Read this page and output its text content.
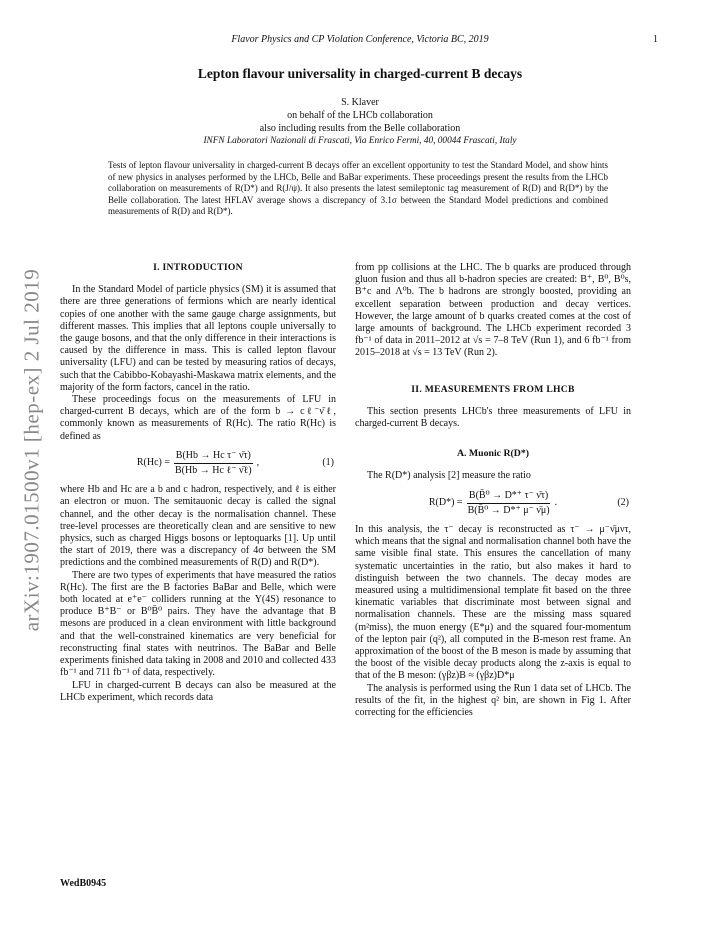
Flavor Physics and CP Violation Conference, Victoria BC, 2019	1
arXiv:1907.01500v1 [hep-ex] 2 Jul 2019
Lepton flavour universality in charged-current B decays
S. Klaver
on behalf of the LHCb collaboration
also including results from the Belle collaboration
INFN Laboratori Nazionali di Frascati, Via Enrico Fermi, 40, 00044 Frascati, Italy
Tests of lepton flavour universality in charged-current B decays offer an excellent opportunity to test the Standard Model, and show hints of new physics in analyses performed by the LHCb, Belle and BaBar experiments. These proceedings present the results from the LHCb collaboration on measurements of R(D*) and R(J/ψ). It also presents the latest semileptonic tag measurement of R(D) and R(D*) by the Belle collaboration. The latest HFLAV average shows a discrepancy of 3.1σ between the Standard Model predictions and combined measurements of R(D) and R(D*).
I. INTRODUCTION

In the Standard Model of particle physics (SM) it is assumed that there are three generations of fermions which are nearly identical copies of one another with the same gauge charge assignments, but different masses. This implies that all leptons couple universally to the gauge bosons, and that the only difference in their interactions is caused by the difference in mass. This is called lepton flavour universality (LFU) and can be tested by measuring ratios of decays, such that the Cabibbo-Kobayashi-Maskawa matrix elements, and the majority of the form factors, cancel in the ratio.

These proceedings focus on the measurements of LFU in charged-current B decays, which are of the form b → cℓ⁻ν̄ℓ, commonly known as measurements of R(Hc). The ratio R(Hc) is defined as

$R(Hc) = \frac{\text{B(Hb → Hc τ⁻ ν̄τ)}}{\text{B(Hb → Hc ℓ⁻ ν̄ℓ)}}$ ,	(1)

where Hb and Hc are a b and c hadron, respectively, and ℓ is either an electron or muon. The semitauonic decay is called the signal channel, and the other decay is the normalisation channel. These tree-level processes are theoretically clean and are sensitive to new physics, such as charged Higgs bosons or leptoquarks [1]. Up until the start of 2019, there was a discrepancy of 4σ between the SM predictions and the combined measurements of R(D) and R(D*).

There are two types of experiments that have measured the ratios R(Hc). The first are the B factories BaBar and Belle, which were both located at e⁺e⁻ colliders running at the Υ(4S) resonance to produce B⁺B⁻ or B⁰B̄⁰ pairs. They have the advantage that B mesons are produced in a clean environment with little background and that the well-constrained kinematics are very beneficial for reconstructing final states with neutrinos. The BaBar and Belle experiments finished data taking in 2008 and 2010 and collected 433 fb⁻¹ and 711 fb⁻¹ of data, respectively.

LFU in charged-current B decays can also be measured at the LHCb experiment, which records data

from pp collisions at the LHC. The b quarks are produced through gluon fusion and thus all b-hadron species are created: B⁺, B⁰, B⁰s, B⁺c and Λ⁰b. The b hadrons are strongly boosted, providing an excellent separation between production and decay vertices. However, the large amount of b quarks created comes at the cost of large amounts of background. The LHCb experiment recorded 3 fb⁻¹ of data in 2011–2012 at √s = 7–8 TeV (Run 1), and 6 fb⁻¹ from 2015–2018 at √s = 13 TeV (Run 2).

II. MEASUREMENTS FROM LHCB

This section presents LHCb's three measurements of LFU in charged-current B decays.

A. Muonic R(D*)

The R(D*) analysis [2] measure the ratio

$R(D*) = \frac{\text{B(B̄⁰ → D*⁺ τ⁻ ν̄τ)}}{\text{B(B̄⁰ → D*⁺ μ⁻ ν̄μ)}}$ .	(2)

In this analysis, the τ⁻ decay is reconstructed as τ⁻ → μ⁻ν̄μντ, which means that the signal and normalisation channel both have the same visible final state. This ensures the cancellation of many systematic uncertainties in the ratio, but also makes it hard to distinguish between the two channels. The decay modes are measured using a multidimensional template fit based on the three kinematic variables that discriminate most between signal and normalisation channels. These are the missing mass squared (m²miss), the muon energy (E*μ) and the squared four-momentum of the lepton pair (q²), all computed in the B-meson rest frame. An approximation of the boost of the B meson is made by assuming that the boost of the visible decay products along the z-axis is equal to that of the B meson: (γβz)B ≈ (γβz)D*μ

The analysis is performed using the Run 1 data set of LHCb. The results of the fit, in the highest q² bin, are shown in Fig 1. After correcting for the efficiencies

WedB0945
